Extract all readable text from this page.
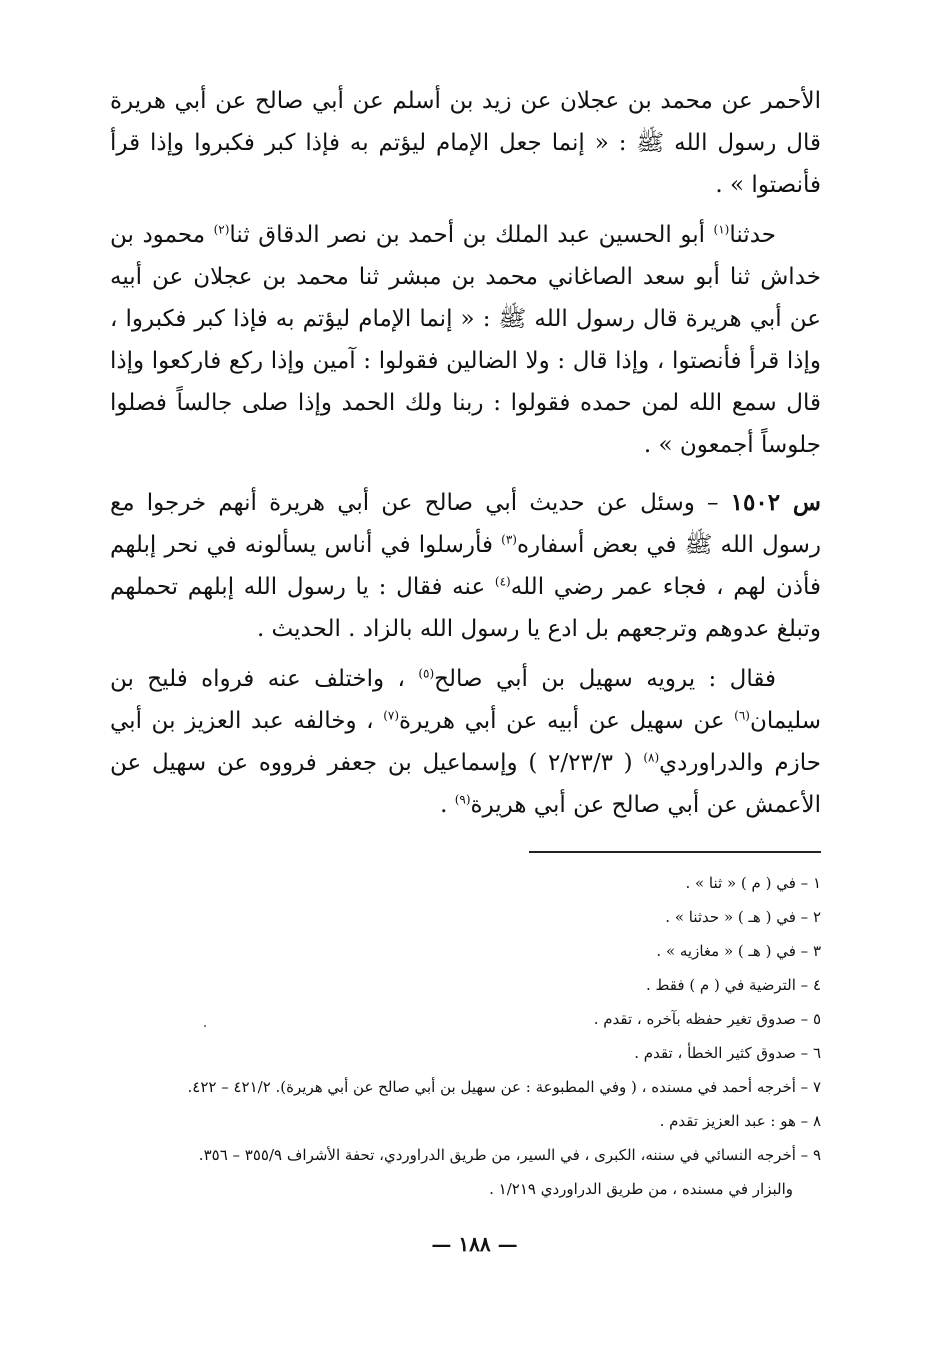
الأحمر عن محمد بن عجلان عن زيد بن أسلم عن أبي صالح عن أبي هريرة قال رسول الله ﷺ : « إنما جعل الإمام ليؤتم به فإذا كبر فكبروا وإذا قرأ فأنصتوا » .

حدثنا$^{(١)}$ أبو الحسين عبد الملك بن أحمد بن نصر الدقاق ثنا$^{(٢)}$ محمود بن خداش ثنا أبو سعد الصاغاني محمد بن مبشر ثنا محمد بن عجلان عن أبيه عن أبي هريرة قال رسول الله ﷺ : « إنما الإمام ليؤتم به فإذا كبر فكبروا ، وإذا قرأ فأنصتوا ، وإذا قال : ولا الضالين فقولوا : آمين وإذا ركع فاركعوا وإذا قال سمع الله لمن حمده فقولوا : ربنا ولك الحمد وإذا صلى جالساً فصلوا جلوساً أجمعون » .

س ١٥٠٢ – وسئل عن حديث أبي صالح عن أبي هريرة أنهم خرجوا مع رسول الله ﷺ في بعض أسفاره$^{(٣)}$ فأرسلوا في أناس يسألونه في نحر إبلهم فأذن لهم ، فجاء عمر رضي الله$^{(٤)}$ عنه فقال : يا رسول الله إبلهم تحملهم وتبلغ عدوهم وترجعهم بل ادع يا رسول الله بالزاد . الحديث .

فقال : يرويه سهيل بن أبي صالح$^{(٥)}$ ، واختلف عنه فرواه فليح بن سليمان$^{(٦)}$ عن سهيل عن أبيه عن أبي هريرة$^{(٧)}$ ، وخالفه عبد العزيز بن أبي حازم والدراوردي$^{(٨)}$ ( ٢/٢٣/٣ ) وإسماعيل بن جعفر فرووه عن سهيل عن الأعمش عن أبي صالح عن أبي هريرة$^{(٩)}$ .

١ – في ( م ) « ثنا » .
٢ – في ( هـ ) « حدثنا » .
٣ – في ( هـ ) « مغازيه » .
٤ – الترضية في ( م ) فقط .
٥ – صدوق تغير حفظه بآخره ، تقدم .
٦ – صدوق كثير الخطأ ، تقدم .
٧ – أخرجه أحمد في مسنده ، ( وفي المطبوعة : عن سهيل بن أبي صالح عن أبي هريرة). ٤٢١/٢ – ٤٢٢.
٨ – هو : عبد العزيز تقدم .
٩ – أخرجه النسائي في سننه، الكبرى ، في السير، من طريق الدراوردي، تحفة الأشراف ٣٥٥/٩ – ٣٥٦.
والبزار في مسنده ، من طريق الدراوردي ١/٢١٩ .
— ١٨٨ —
